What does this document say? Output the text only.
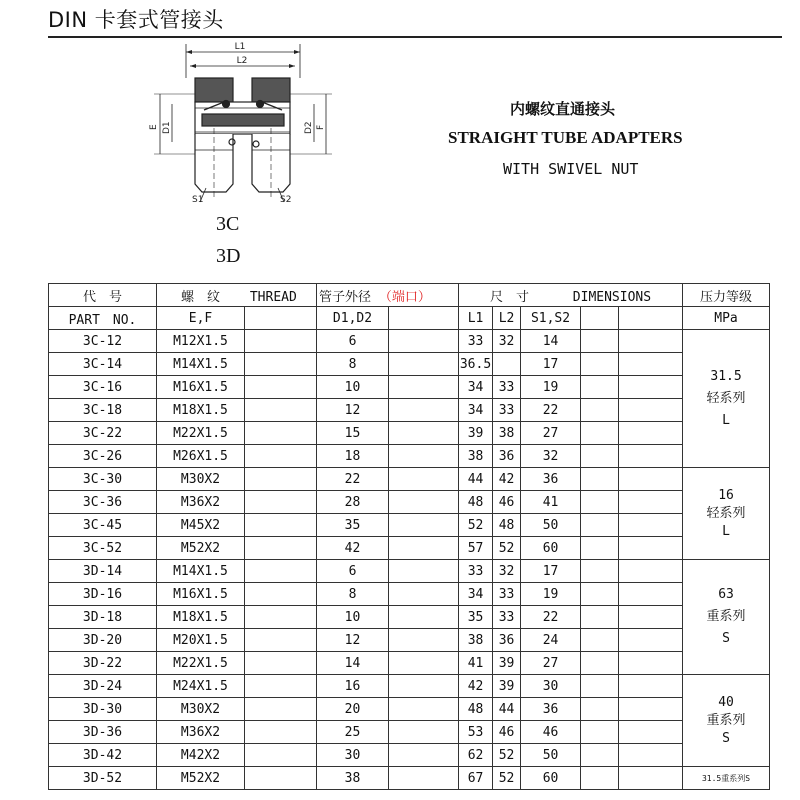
DIN 卡套式管接头
L1
L2
E D1	D2 F
S1	S2
3C
3D
内螺纹直通接头
STRAIGHT TUBE ADAPTERS
WITH SWIVEL NUT
代　号	螺　纹 THREAD		管子外径 （端口）		尺　寸 DIMENSIONS					压力等级
PART　NO.	E,F		D1,D2		L1	L2	S1,S2			MPa
3C-12	M12X1.5		6		33	32	14			31.5
轻系列
L

3C-14	M14X1.5		8		36.5		17			
3C-16	M16X1.5		10		34	33	19			
3C-18	M18X1.5		12		34	33	22			
3C-22	M22X1.5		15		39	38	27			
3C-26	M26X1.5		18		38	36	32			
3C-30	M30X2		22		44	42	36			16
轻系列
L

3C-36	M36X2		28		48	46	41			
3C-45	M45X2		35		52	48	50			
3C-52	M52X2		42		57	52	60			
3D-14	M14X1.5		6		33	32	17			63
重系列
S

3D-16	M16X1.5		8		34	33	19			
3D-18	M18X1.5		10		35	33	22			
3D-20	M20X1.5		12		38	36	24			
3D-22	M22X1.5		14		41	39	27			
3D-24	M24X1.5		16		42	39	30			40
重系列
S

3D-30	M30X2		20		48	44	36			
3D-36	M36X2		25		53	46	46			
3D-42	M42X2		30		62	52	50			
3D-52	M52X2		38		67	52	60			31.5重系列S
